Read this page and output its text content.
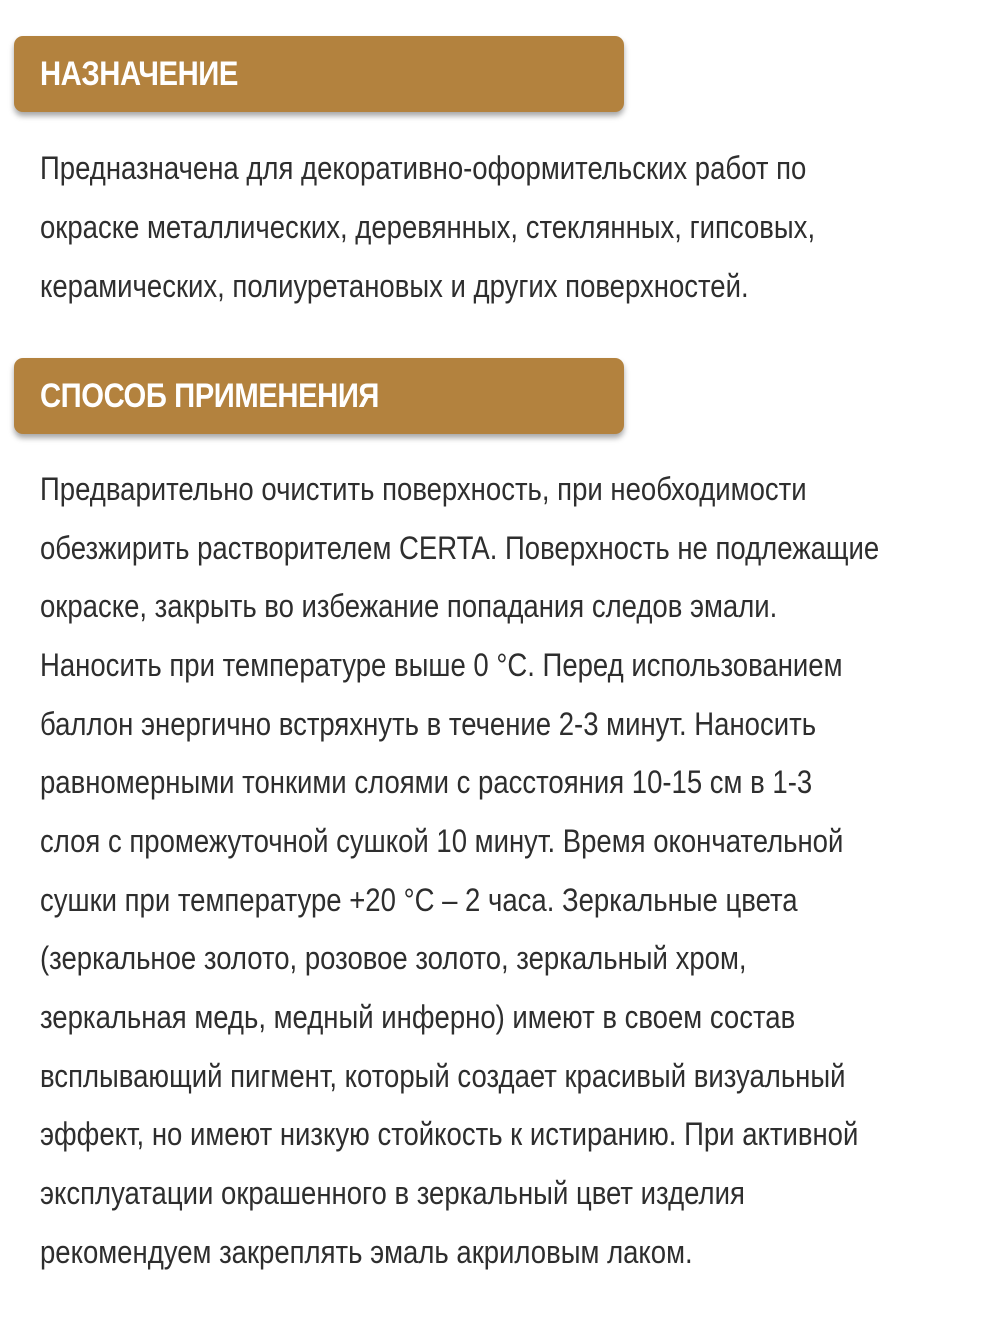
НАЗНАЧЕНИЕ
Предназначена для декоративно-оформительских работ по
окраске металлических, деревянных, стеклянных, гипсовых,
керамических, полиуретановых и других поверхностей.
СПОСОБ ПРИМЕНЕНИЯ
Предварительно очистить поверхность, при необходимости
обезжирить растворителем CERTA. Поверхность не подлежащие
окраске, закрыть во избежание попадания следов эмали.
Наносить при температуре выше 0 °С. Перед использованием
баллон энергично встряхнуть в течение 2-3 минут. Наносить
равномерными тонкими слоями с расстояния 10-15 см в 1-3
слоя с промежуточной сушкой 10 минут. Время окончательной
сушки при температуре +20 °С – 2 часа. Зеркальные цвета
(зеркальное золото, розовое золото, зеркальный хром,
зеркальная медь, медный инферно) имеют в своем состав
всплывающий пигмент, который создает красивый визуальный
эффект, но имеют низкую стойкость к истиранию. При активной
эксплуатации окрашенного в зеркальный цвет изделия
рекомендуем закреплять эмаль акриловым лаком.
